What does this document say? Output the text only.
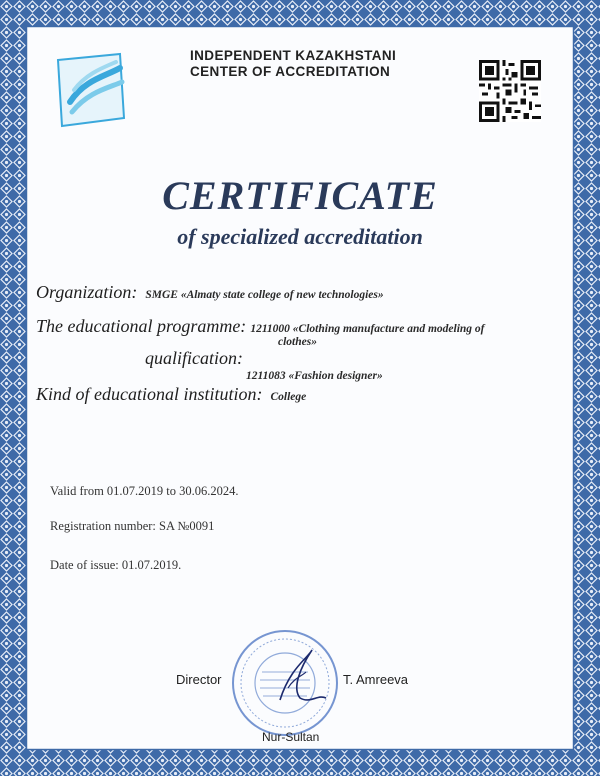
INDEPENDENT KAZAKHSTANI
CENTER OF ACCREDITATION
CERTIFICATE
of specialized accreditation
Organization: SMGE «Almaty state college of new technologies»
The educational programme: 1211000 «Clothing manufacture and modeling of
clothes»
qualification:
1211083 «Fashion designer»
Kind of educational institution: College
Valid from 01.07.2019 to 30.06.2024.
Registration number: SA №0091
Date of issue: 01.07.2019.
Director	T. Amreeva
Nur-Sultan
